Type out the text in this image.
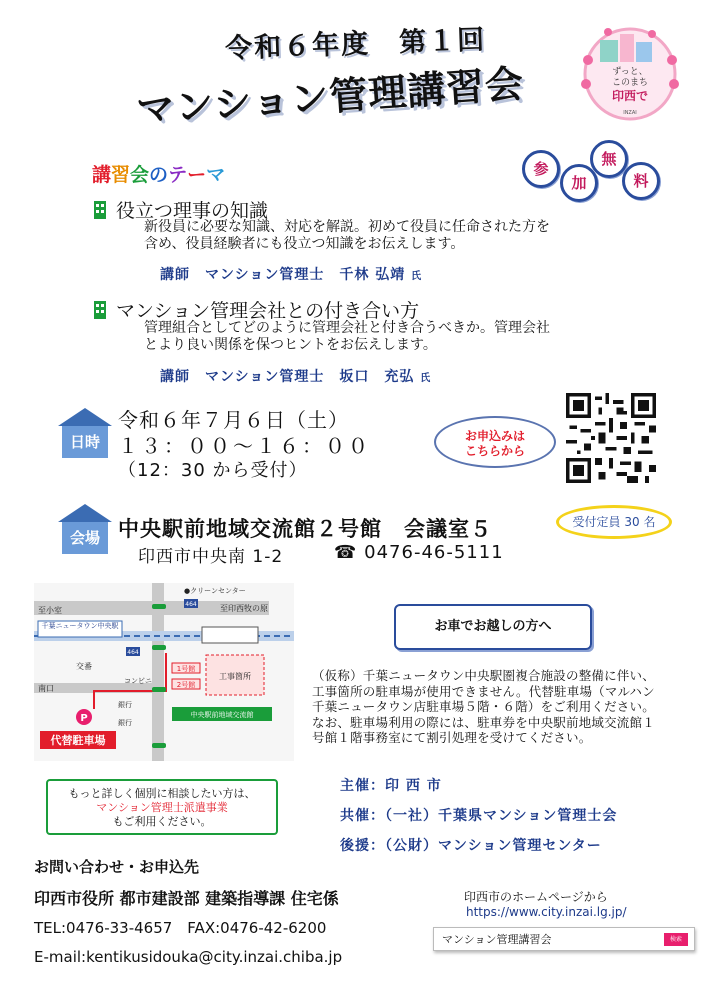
令和６年度　第１回
マンション管理講習会	ずっと、
このまち
印西で
INZAI
講習会のテーマ	参
加
無
料
役立つ理事の知識
新役員に必要な知識、対応を解説。初めて役員に任命された方を
含め、役員経験者にも役立つ知識をお伝えします。
講師　マンション管理士　千林 弘靖 氏
マンション管理会社との付き合い方
管理組合としてどのように管理会社と付き合うべきか。管理会社
とより良い関係を保つヒントをお伝えします。
講師　マンション管理士　坂口　充弘 氏
日時
令和６年７月６日（土）
１３：００～１６：００
（12：30 から受付）
お申込みは
こちらから
会場 中央駅前地域交流館２号館　会議室５
印西市中央南 1-2	☎ 0476-46-5111
受付定員 30 名
至小室
●クリーンセンター
至印西牧の原
464
464
千葉ニュータウン中央駅
交番
南口
コンビニ
銀行
銀行
1号館
2号館
工事箇所
中央駅前地域交流館
P
代替駐車場
お車でお越しの方へ
（仮称）千葉ニュータウン中央駅圏複合施設の整備に伴い、
工事箇所の駐車場が使用できません。代替駐車場（マルハン
千葉ニュータウン店駐車場５階・６階）をご利用ください。
なお、駐車場利用の際には、駐車券を中央駅前地域交流館１
号館１階事務室にて割引処理を受けてください。
もっと詳しく個別に相談したい方は、
マンション管理士派遣事業
もご利用ください。
主催：印 西 市
共催：（一社）千葉県マンション管理士会
後援：（公財）マンション管理センター
お問い合わせ・お申込先
印西市役所 都市建設部 建築指導課 住宅係
TEL:0476-33-4657　FAX:0476-42-6200
E-mail:kentikusidouka@city.inzai.chiba.jp
印西市のホームページから
https://www.city.inzai.lg.jp/
マンション管理講習会	検索
